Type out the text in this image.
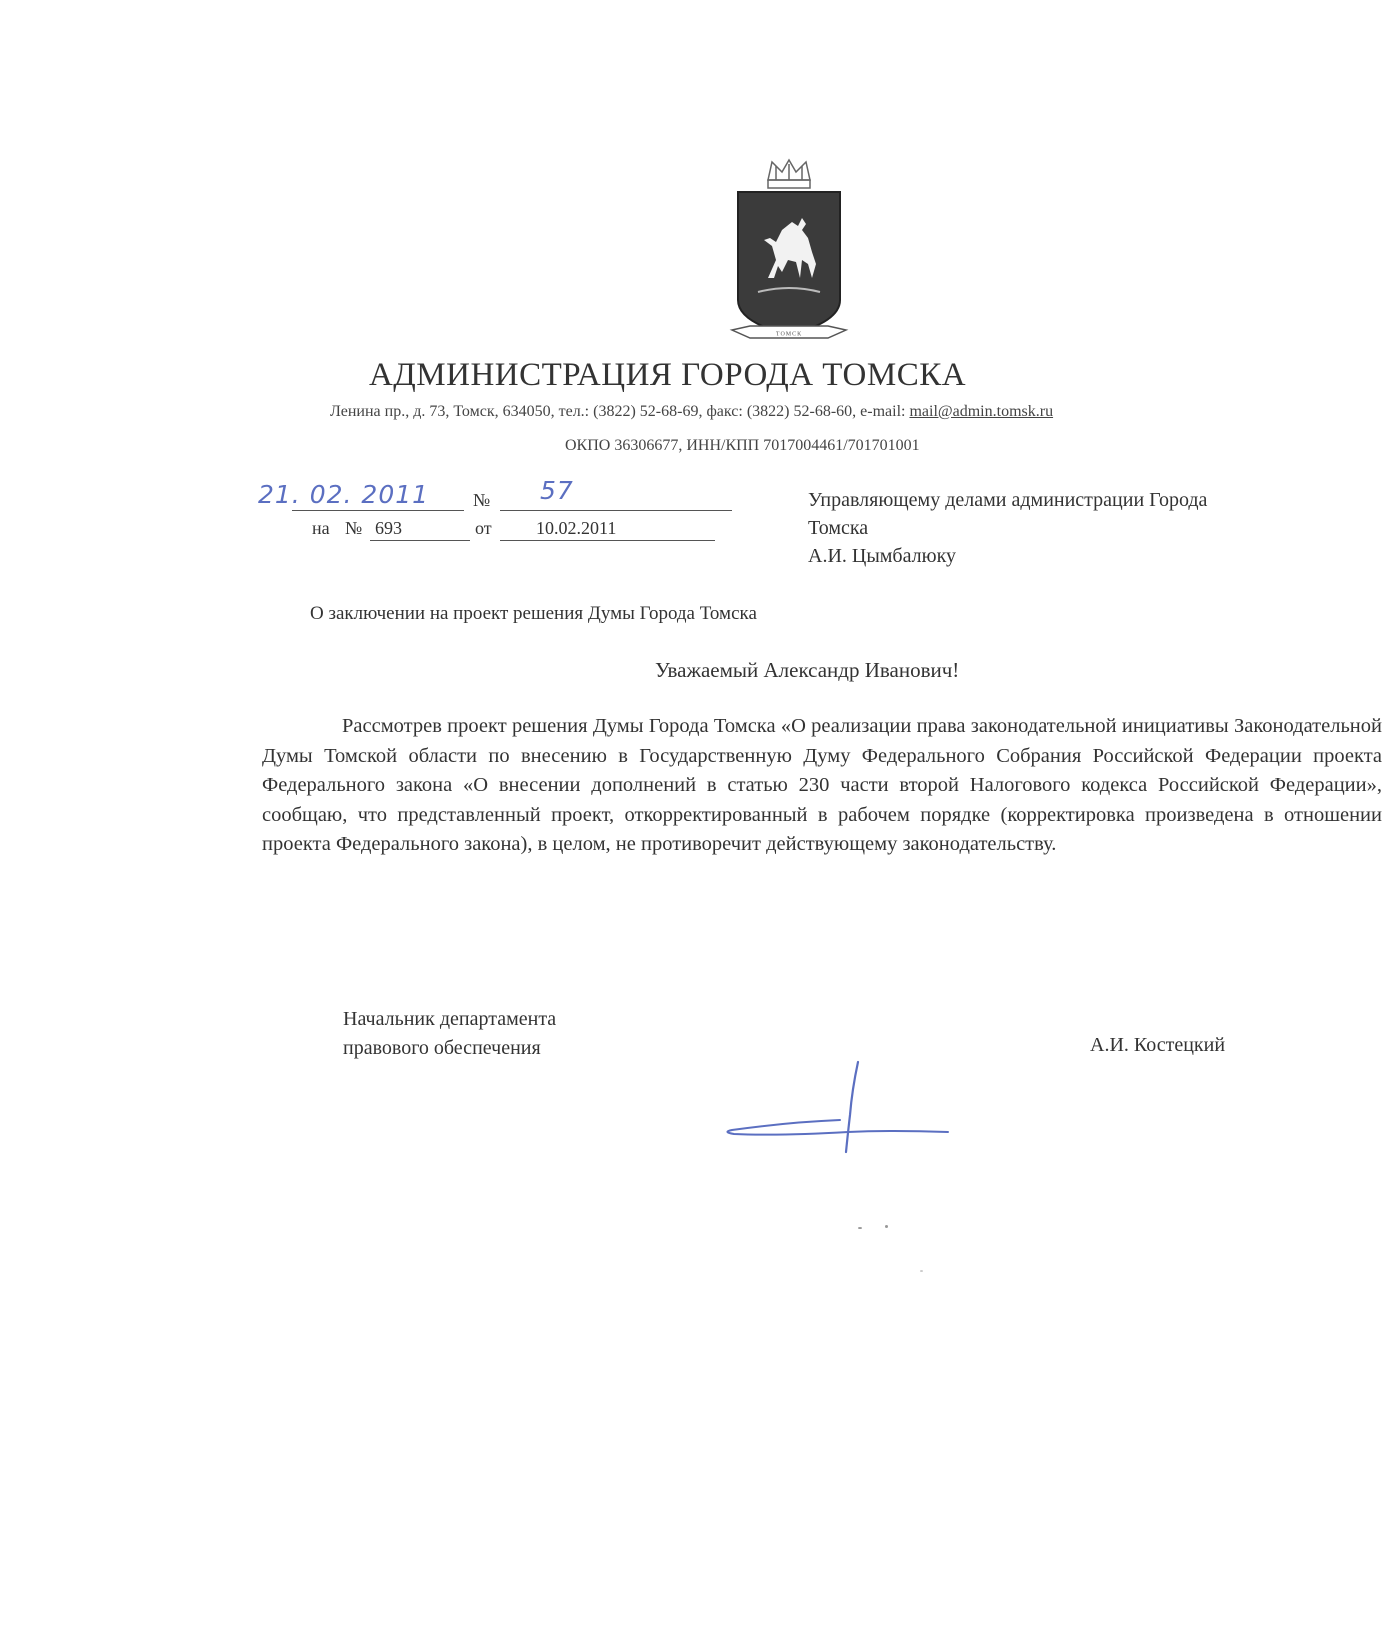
ТОМСК
АДМИНИСТРАЦИЯ ГОРОДА ТОМСКА
Ленина пр., д. 73, Томск, 634050, тел.: (3822) 52-68-69, факс: (3822) 52-68-60, e-mail: mail@admin.tomsk.ru
ОКПО 36306677, ИНН/КПП 7017004461/701701001
21. 02. 2011 № 57
на № 693	от 10.02.2011
Управляющему делами администрации Города
Томска
А.И. Цымбалюку
О заключении на проект решения Думы Города Томска
Уважаемый Александр Иванович!
Рассмотрев проект решения Думы Города Томска «О реализации права законодательной инициативы Законодательной Думы Томской области по внесению в Государственную Думу Федерального Собрания Российской Федерации проекта Федерального закона «О внесении дополнений в статью 230 части второй Налогового кодекса Российской Федерации», сообщаю, что представленный проект, откорректированный в рабочем порядке (корректировка произведена в отношении проекта Федерального закона), в целом, не противоречит действующему законодательству.
Начальник департамента
правового обеспечения	А.И. Костецкий
